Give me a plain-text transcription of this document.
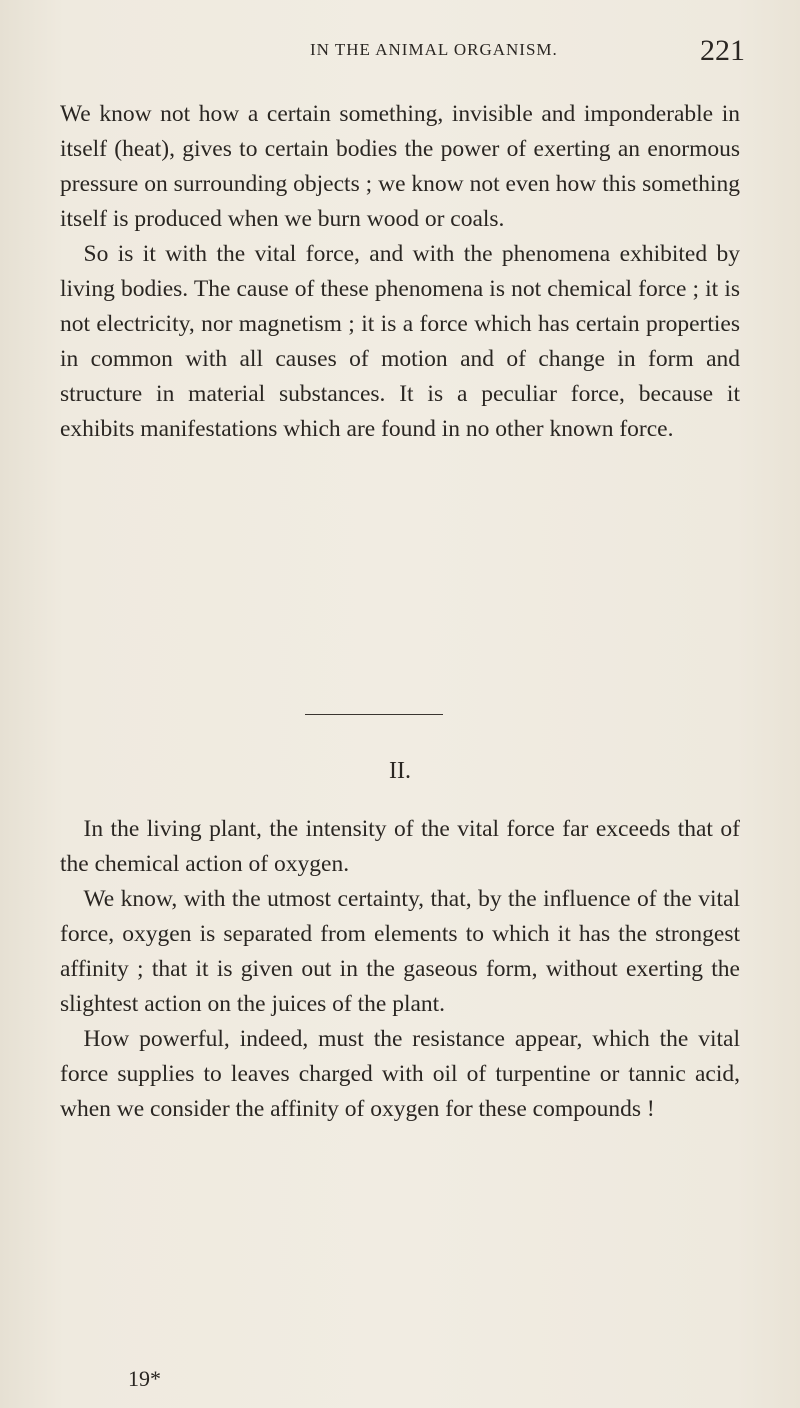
IN THE ANIMAL ORGANISM.	221

We know not how a certain something, invisible and imponderable in itself (heat), gives to certain bodies the power of exerting an enormous pressure on surrounding objects ; we know not even how this something itself is produced when we burn wood or coals.

So is it with the vital force, and with the phenomena exhibited by living bodies. The cause of these phenomena is not chemical force ; it is not electricity, nor magnetism ; it is a force which has certain properties in common with all causes of motion and of change in form and structure in material substances. It is a peculiar force, because it exhibits manifestations which are found in no other known force.

II.

In the living plant, the intensity of the vital force far exceeds that of the chemical action of oxygen.

We know, with the utmost certainty, that, by the influence of the vital force, oxygen is separated from elements to which it has the strongest affinity ; that it is given out in the gaseous form, without exerting the slightest action on the juices of the plant.

How powerful, indeed, must the resistance appear, which the vital force supplies to leaves charged with oil of turpentine or tannic acid, when we consider the affinity of oxygen for these compounds !

19*
